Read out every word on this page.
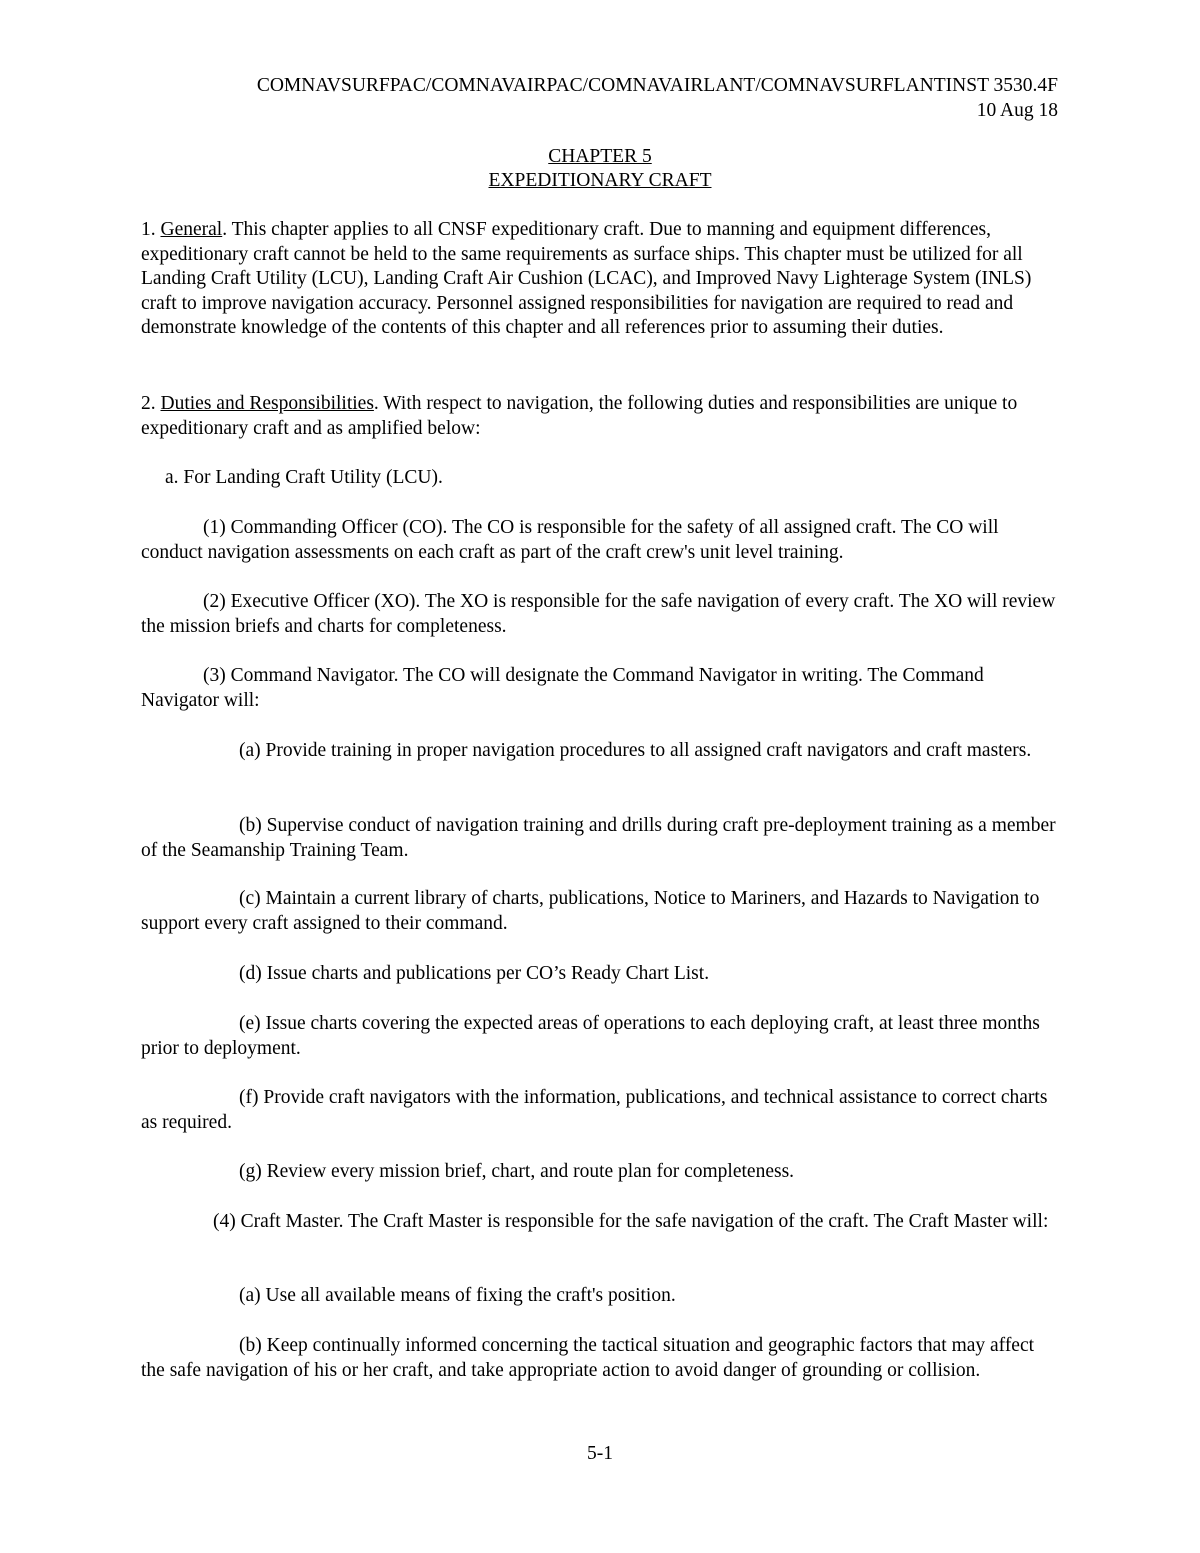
COMNAVSURFPAC/COMNAVAIRPAC/COMNAVAIRLANT/COMNAVSURFLANTINST 3530.4F
10 Aug 18
CHAPTER 5
EXPEDITIONARY CRAFT
1. General. This chapter applies to all CNSF expeditionary craft. Due to manning and equipment differences, expeditionary craft cannot be held to the same requirements as surface ships. This chapter must be utilized for all Landing Craft Utility (LCU), Landing Craft Air Cushion (LCAC), and Improved Navy Lighterage System (INLS) craft to improve navigation accuracy. Personnel assigned responsibilities for navigation are required to read and demonstrate knowledge of the contents of this chapter and all references prior to assuming their duties.
2. Duties and Responsibilities. With respect to navigation, the following duties and responsibilities are unique to expeditionary craft and as amplified below:
a. For Landing Craft Utility (LCU).
(1) Commanding Officer (CO). The CO is responsible for the safety of all assigned craft. The CO will conduct navigation assessments on each craft as part of the craft crew's unit level training.
(2) Executive Officer (XO). The XO is responsible for the safe navigation of every craft. The XO will review the mission briefs and charts for completeness.
(3) Command Navigator. The CO will designate the Command Navigator in writing. The Command Navigator will:
(a) Provide training in proper navigation procedures to all assigned craft navigators and craft masters.
(b) Supervise conduct of navigation training and drills during craft pre-deployment training as a member of the Seamanship Training Team.
(c) Maintain a current library of charts, publications, Notice to Mariners, and Hazards to Navigation to support every craft assigned to their command.
(d) Issue charts and publications per CO’s Ready Chart List.
(e) Issue charts covering the expected areas of operations to each deploying craft, at least three months prior to deployment.
(f) Provide craft navigators with the information, publications, and technical assistance to correct charts as required.
(g) Review every mission brief, chart, and route plan for completeness.
(4) Craft Master. The Craft Master is responsible for the safe navigation of the craft. The Craft Master will:
(a) Use all available means of fixing the craft's position.
(b) Keep continually informed concerning the tactical situation and geographic factors that may affect the safe navigation of his or her craft, and take appropriate action to avoid danger of grounding or collision.
5-1
